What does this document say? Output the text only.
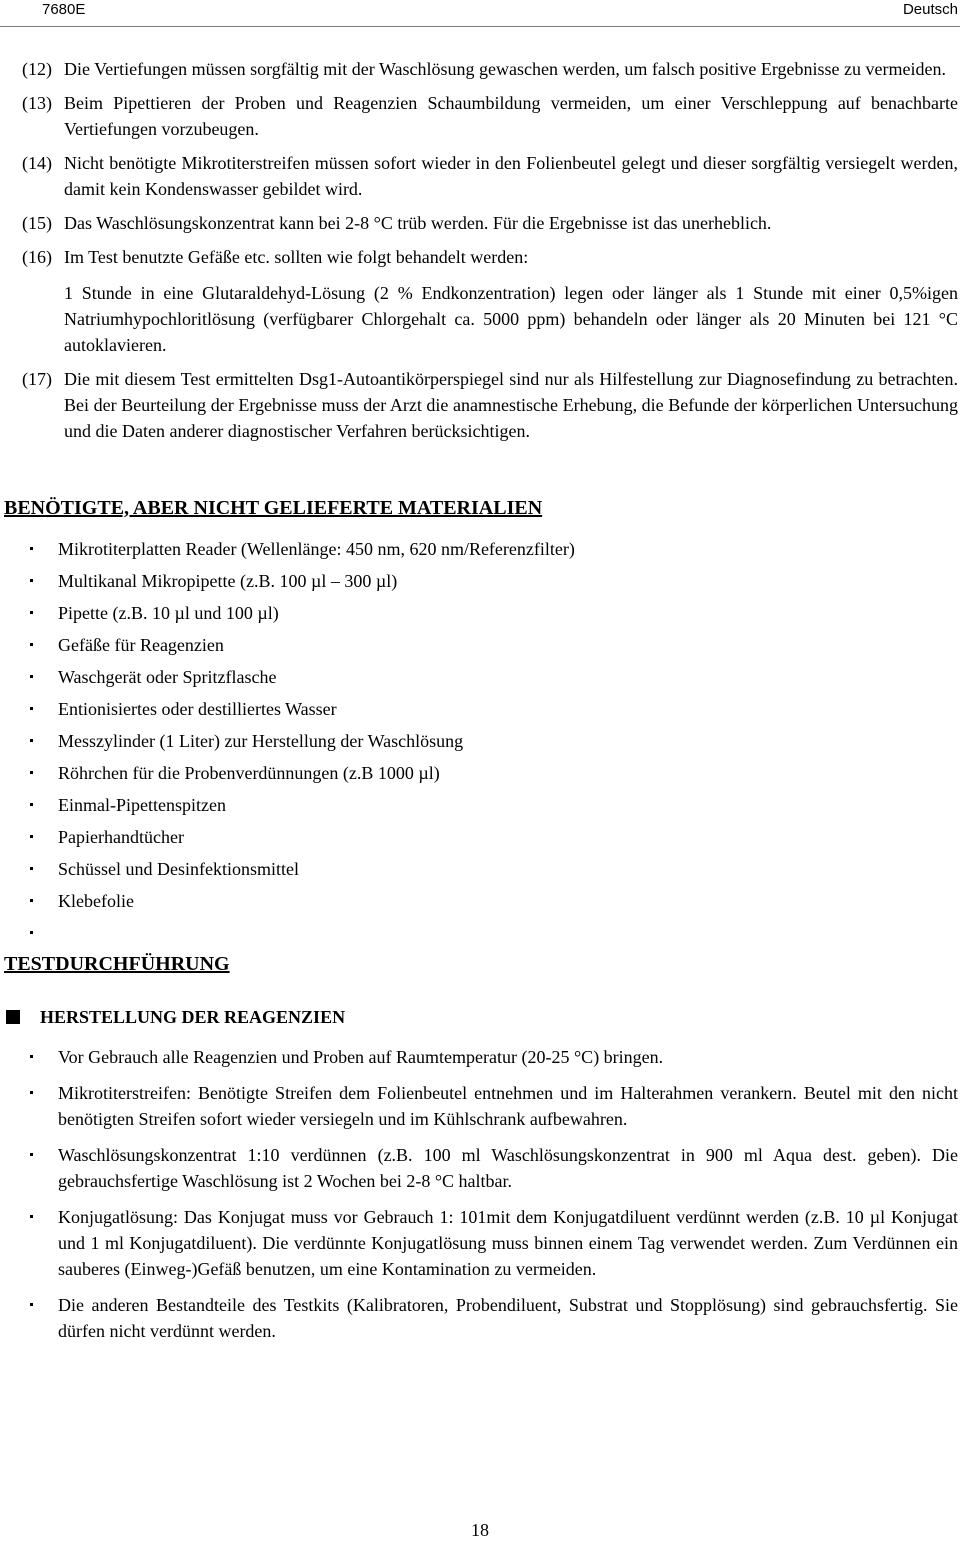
7680E	Deutsch
(12) Die Vertiefungen müssen sorgfältig mit der Waschlösung gewaschen werden, um falsch positive Ergebnisse zu vermeiden.
(13) Beim Pipettieren der Proben und Reagenzien Schaumbildung vermeiden, um einer Verschleppung auf benachbarte Vertiefungen vorzubeugen.
(14) Nicht benötigte Mikrotiterstreifen müssen sofort wieder in den Folienbeutel gelegt und dieser sorgfältig versiegelt werden, damit kein Kondenswasser gebildet wird.
(15) Das Waschlösungskonzentrat kann bei 2-8 °C trüb werden. Für die Ergebnisse ist das unerheblich.
(16) Im Test benutzte Gefäße etc. sollten wie folgt behandelt werden:
1 Stunde in eine Glutaraldehyd-Lösung (2 % Endkonzentration) legen oder länger als 1 Stunde mit einer 0,5%igen Natriumhypochloritlösung (verfügbarer Chlorgehalt ca. 5000 ppm) behandeln oder länger als 20 Minuten bei 121 °C autoklavieren.
(17) Die mit diesem Test ermittelten Dsg1-Autoantikörperspiegel sind nur als Hilfestellung zur Diagnosefindung zu betrachten. Bei der Beurteilung der Ergebnisse muss der Arzt die anamnestische Erhebung, die Befunde der körperlichen Untersuchung und die Daten anderer diagnostischer Verfahren berücksichtigen.
BENÖTIGTE, ABER NICHT GELIEFERTE MATERIALIEN
Mikrotiterplatten Reader (Wellenlänge: 450 nm, 620 nm/Referenzfilter)
Multikanal Mikropipette (z.B. 100 µl – 300 µl)
Pipette (z.B. 10 µl und 100 µl)
Gefäße für Reagenzien
Waschgerät oder Spritzflasche
Entionisiertes oder destilliertes Wasser
Messzylinder (1 Liter) zur Herstellung der Waschlösung
Röhrchen für die Probenverdünnungen (z.B 1000 µl)
Einmal-Pipettenspitzen
Papierhandtücher
Schüssel und Desinfektionsmittel
Klebefolie
TESTDURCHFÜHRUNG
HERSTELLUNG DER REAGENZIEN
Vor Gebrauch alle Reagenzien und Proben auf Raumtemperatur (20-25 °C) bringen.
Mikrotiterstreifen: Benötigte Streifen dem Folienbeutel entnehmen und im Halterahmen verankern. Beutel mit den nicht benötigten Streifen sofort wieder versiegeln und im Kühlschrank aufbewahren.
Waschlösungskonzentrat 1:10 verdünnen (z.B. 100 ml Waschlösungskonzentrat in 900 ml Aqua dest. geben). Die gebrauchsfertige Waschlösung ist 2 Wochen bei 2-8 °C haltbar.
Konjugatlösung: Das Konjugat muss vor Gebrauch 1: 101mit dem Konjugatdiluent verdünnt werden (z.B. 10 µl Konjugat und 1 ml Konjugatdiluent). Die verdünnte Konjugatlösung muss binnen einem Tag verwendet werden. Zum Verdünnen ein sauberes (Einweg-)Gefäß benutzen, um eine Kontamination zu vermeiden.
Die anderen Bestandteile des Testkits (Kalibratoren, Probendiluent, Substrat und Stopplösung) sind gebrauchsfertig. Sie dürfen nicht verdünnt werden.
18
